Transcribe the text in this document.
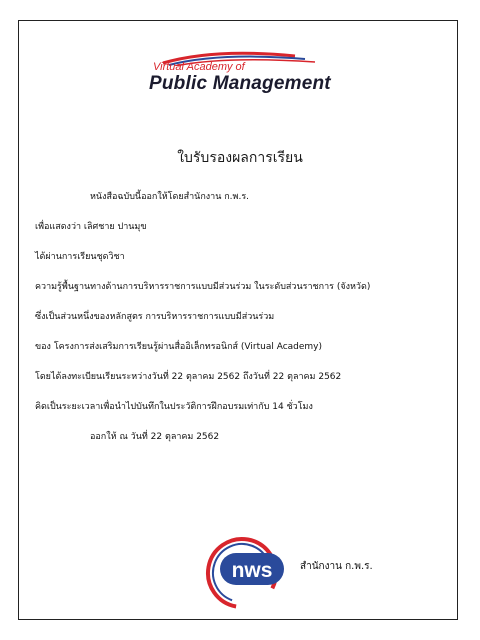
Virtual Academy of
Public Management
ใบรับรองผลการเรียน
หนังสือฉบับนี้ออกให้โดยสำนักงาน ก.พ.ร.
เพื่อแสดงว่า เลิศชาย ปานมุข
ได้ผ่านการเรียนชุดวิชา
ความรู้พื้นฐานทางด้านการบริหารราชการแบบมีส่วนร่วม ในระดับส่วนราชการ (จังหวัด)
ซึ่งเป็นส่วนหนึ่งของหลักสูตร การบริหารราชการแบบมีส่วนร่วม
ของ โครงการส่งเสริมการเรียนรู้ผ่านสื่ออิเล็กทรอนิกส์ (Virtual Academy)
โดยได้ลงทะเบียนเรียนระหว่างวันที่ 22 ตุลาคม 2562 ถึงวันที่ 22 ตุลาคม 2562
คิดเป็นระยะเวลาเพื่อนำไปบันทึกในประวัติการฝึกอบรมเท่ากับ 14 ชั่วโมง
ออกให้ ณ วันที่ 22 ตุลาคม 2562
nws	สำนักงาน ก.พ.ร.
